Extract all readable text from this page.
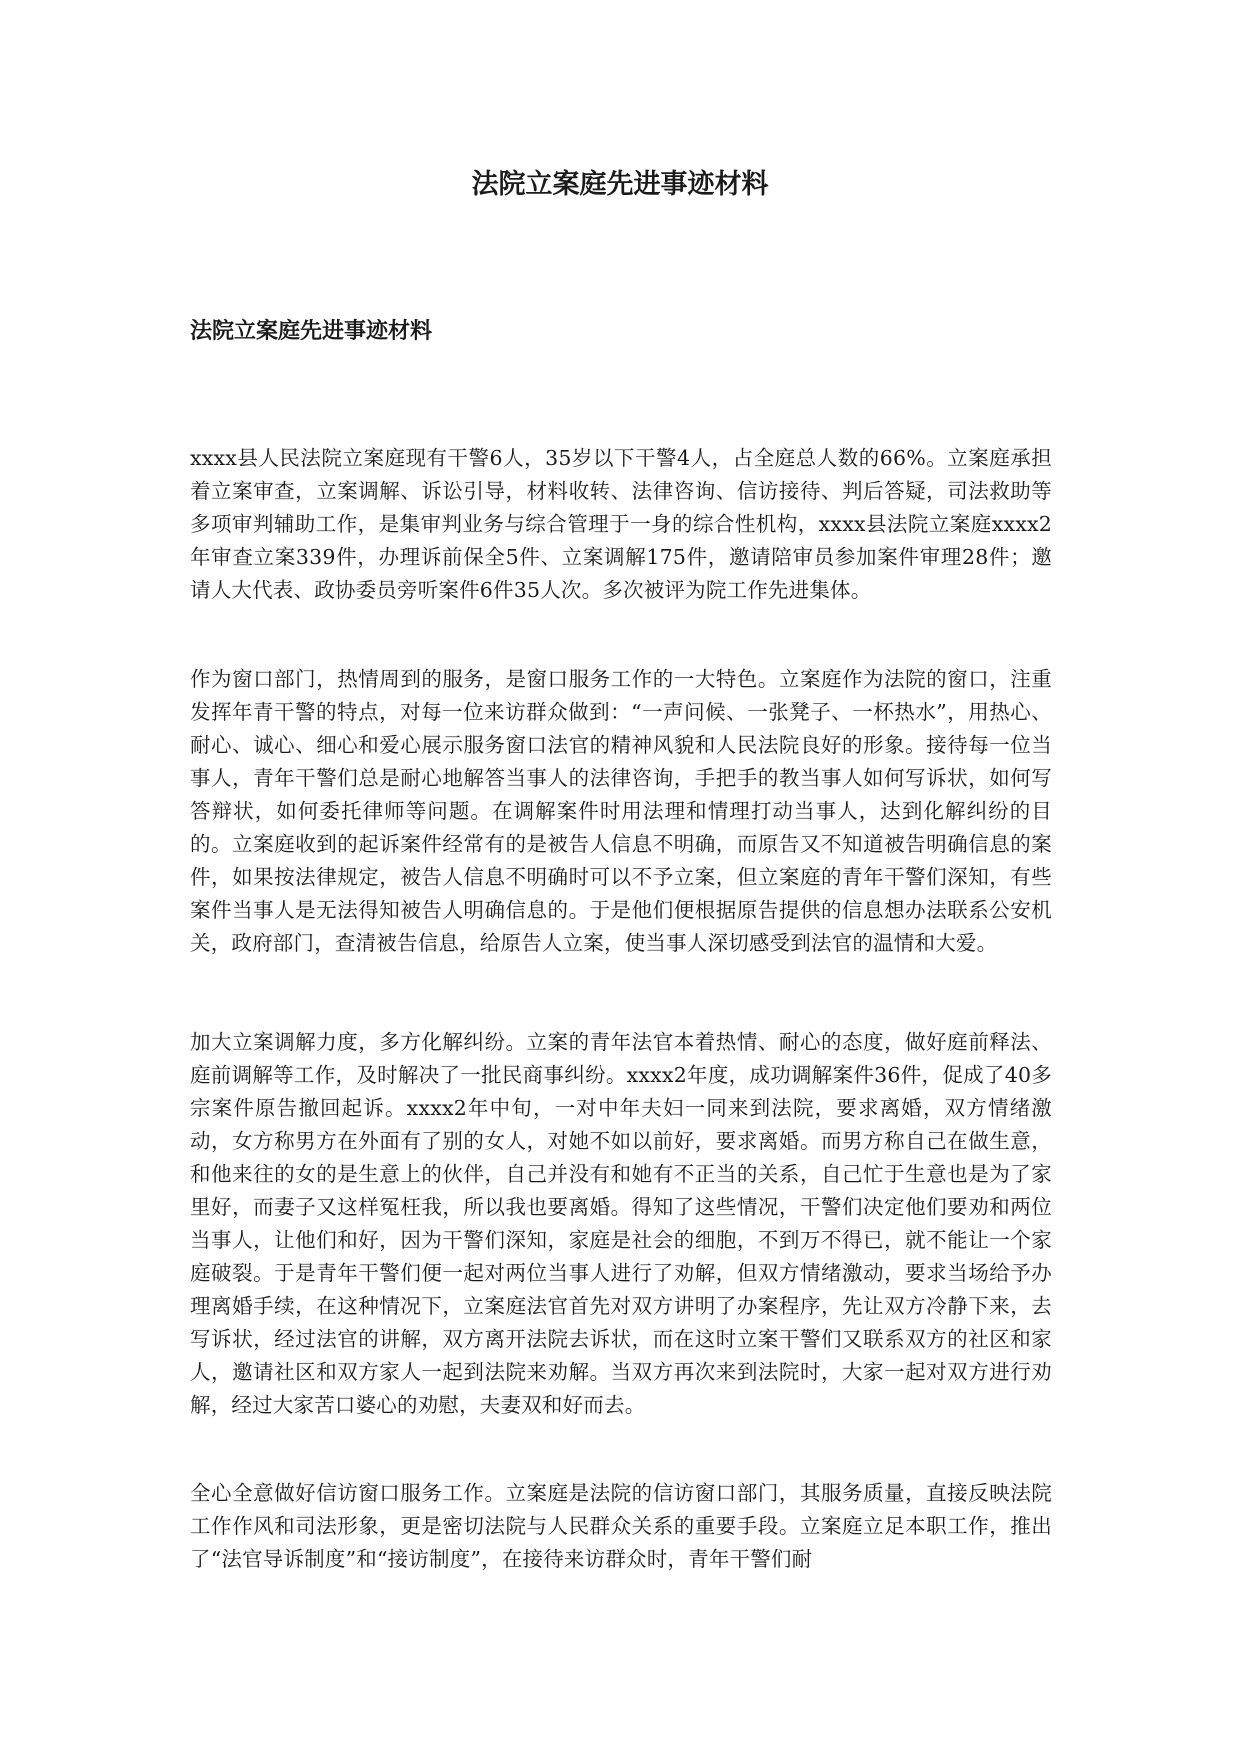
法院立案庭先进事迹材料
法院立案庭先进事迹材料

xxxx县人民法院立案庭现有干警6人，35岁以下干警4人，占全庭总人数的66%。立案庭承担着立案审查，立案调解、诉讼引导，材料收转、法律咨询、信访接待、判后答疑，司法救助等多项审判辅助工作，是集审判业务与综合管理于一身的综合性机构，xxxx县法院立案庭xxxx2年审查立案339件，办理诉前保全5件、立案调解175件，邀请陪审员参加案件审理28件；邀请人大代表、政协委员旁听案件6件35人次。多次被评为院工作先进集体。

作为窗口部门，热情周到的服务，是窗口服务工作的一大特色。立案庭作为法院的窗口，注重发挥年青干警的特点，对每一位来访群众做到：“一声问候、一张凳子、一杯热水”，用热心、耐心、诚心、细心和爱心展示服务窗口法官的精神风貌和人民法院良好的形象。接待每一位当事人，青年干警们总是耐心地解答当事人的法律咨询，手把手的教当事人如何写诉状，如何写答辩状，如何委托律师等问题。在调解案件时用法理和情理打动当事人，达到化解纠纷的目的。立案庭收到的起诉案件经常有的是被告人信息不明确，而原告又不知道被告明确信息的案件，如果按法律规定，被告人信息不明确时可以不予立案，但立案庭的青年干警们深知，有些案件当事人是无法得知被告人明确信息的。于是他们便根据原告提供的信息想办法联系公安机关，政府部门，查清被告信息，给原告人立案，使当事人深切感受到法官的温情和大爱。

加大立案调解力度，多方化解纠纷。立案的青年法官本着热情、耐心的态度，做好庭前释法、庭前调解等工作，及时解决了一批民商事纠纷。xxxx2年度，成功调解案件36件，促成了40多宗案件原告撤回起诉。xxxx2年中旬，一对中年夫妇一同来到法院，要求离婚，双方情绪激动，女方称男方在外面有了别的女人，对她不如以前好，要求离婚。而男方称自己在做生意，和他来往的女的是生意上的伙伴，自己并没有和她有不正当的关系，自己忙于生意也是为了家里好，而妻子又这样冤枉我，所以我也要离婚。得知了这些情况，干警们决定他们要劝和两位当事人，让他们和好，因为干警们深知，家庭是社会的细胞，不到万不得已，就不能让一个家庭破裂。于是青年干警们便一起对两位当事人进行了劝解，但双方情绪激动，要求当场给予办理离婚手续，在这种情况下，立案庭法官首先对双方讲明了办案程序，先让双方冷静下来，去写诉状，经过法官的讲解，双方离开法院去诉状，而在这时立案干警们又联系双方的社区和家人，邀请社区和双方家人一起到法院来劝解。当双方再次来到法院时，大家一起对双方进行劝解，经过大家苦口婆心的劝慰，夫妻双和好而去。

全心全意做好信访窗口服务工作。立案庭是法院的信访窗口部门，其服务质量，直接反映法院工作作风和司法形象，更是密切法院与人民群众关系的重要手段。立案庭立足本职工作，推出了“法官导诉制度”和“接访制度”，在接待来访群众时，青年干警们耐
